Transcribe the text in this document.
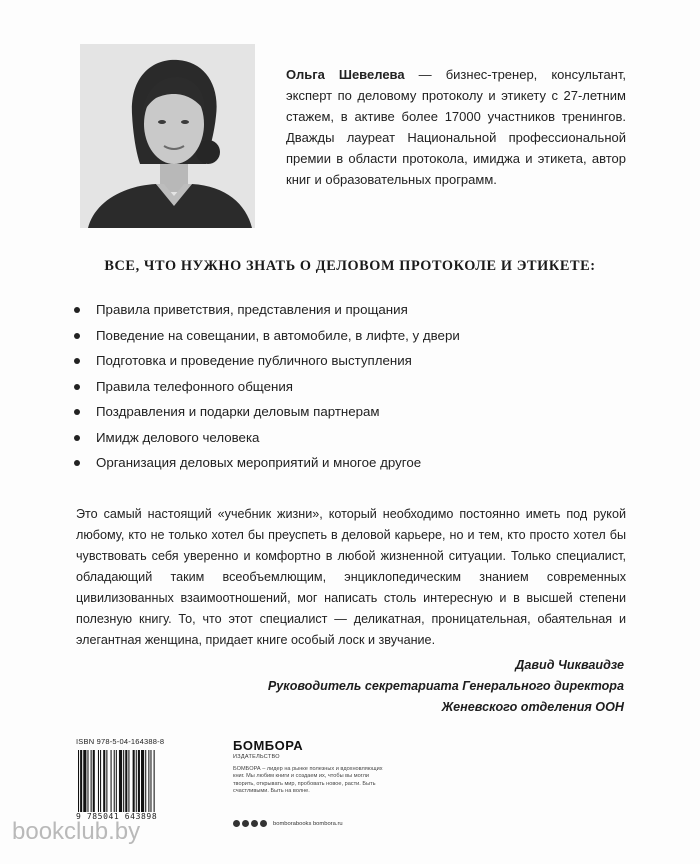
Ольга Шевелева — бизнес-тренер, консультант, эксперт по деловому протоколу и этикету с 27-летним стажем, в активе более 17000 участников тренингов. Дважды лауреат Национальной профессиональной премии в области протокола, имиджа и этикета, автор книг и образовательных программ.
ВСЕ, ЧТО НУЖНО ЗНАТЬ О ДЕЛОВОМ ПРОТОКОЛЕ И ЭТИКЕТЕ:
Правила приветствия, представления и прощания
Поведение на совещании, в автомобиле, в лифте, у двери
Подготовка и проведение публичного выступления
Правила телефонного общения
Поздравления и подарки деловым партнерам
Имидж делового человека
Организация деловых мероприятий и многое другое
Это самый настоящий «учебник жизни», который необходимо постоянно иметь под рукой любому, кто не только хотел бы преуспеть в деловой карьере, но и тем, кто просто хотел бы чувствовать себя уверенно и комфортно в любой жизненной ситуации. Только специалист, обладающий таким всеобъемлющим, энциклопедическим знанием современных цивилизованных взаимоотношений, мог написать столь интересную и в высшей степени полезную книгу. То, что этот специалист — деликатная, проницательная, обаятельная и элегантная женщина, придает книге особый лоск и звучание.
Давид Чикваидзе
Руководитель секретариата Генерального директора
Женевского отделения ООН
ISBN 978-5-04-164388-8
9 785041 643898
БОМБОРА
ИЗДАТЕЛЬСТВО
БОМБОРА – лидер на рынке полезных и вдохновляющих книг. Мы любим книги и создаем их, чтобы вы могли творить, открывать мир, пробовать новое, расти. Быть счастливыми. Быть на волне.
bomborabooks bombora.ru
bookclub.by
